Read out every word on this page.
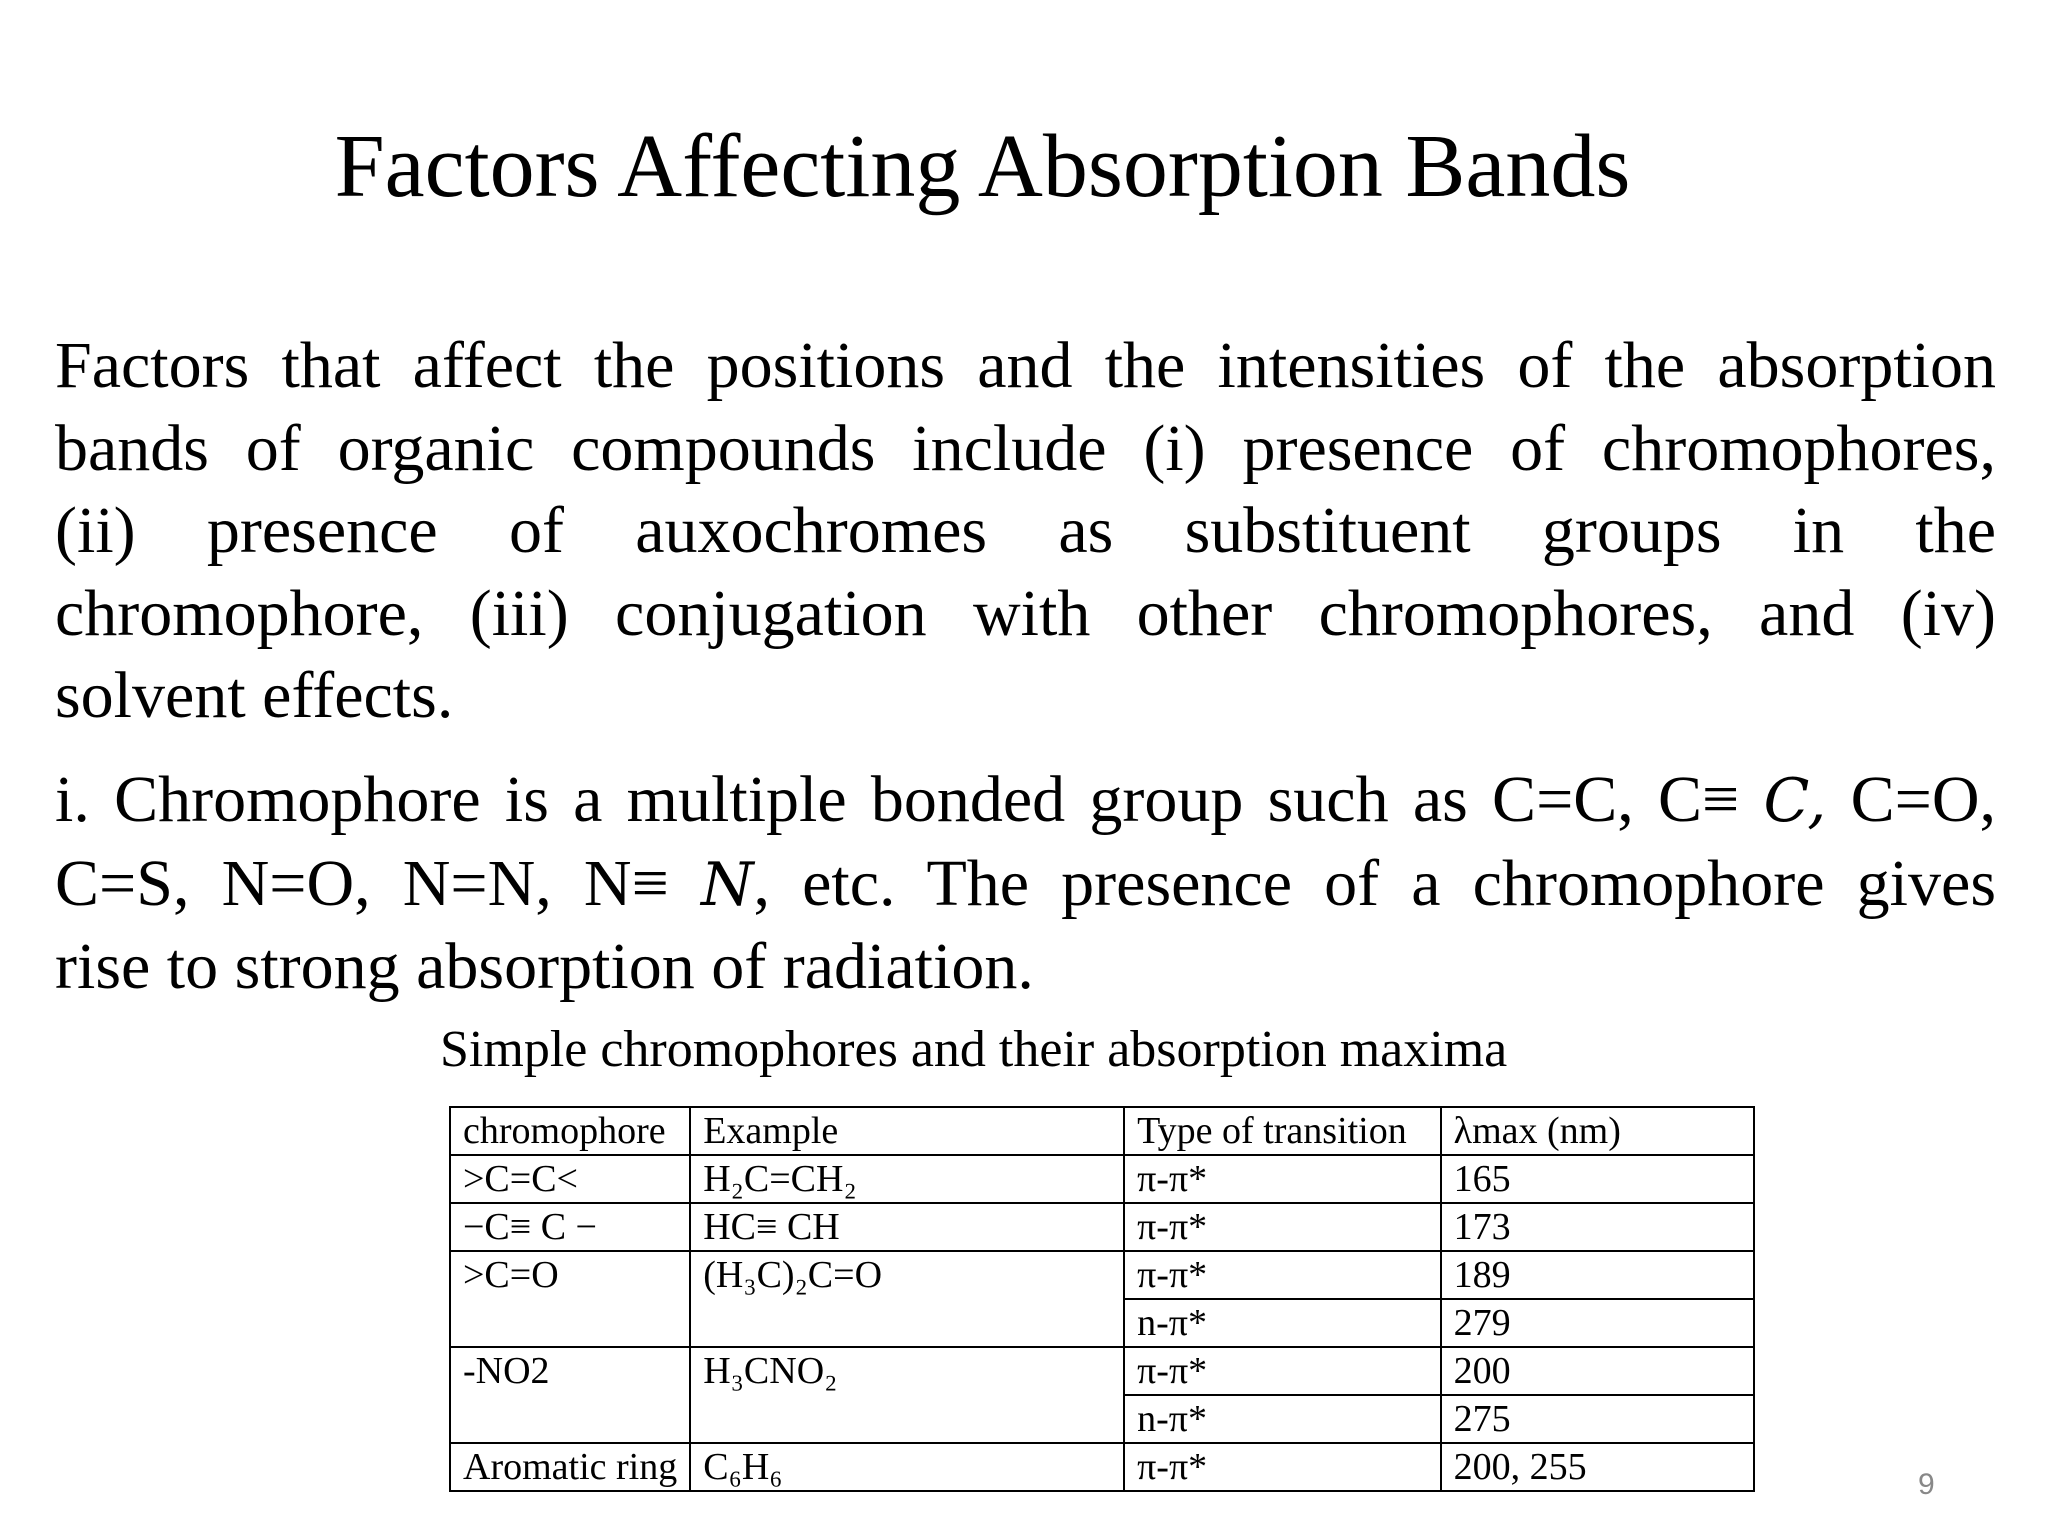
Factors Affecting Absorption Bands
Factors that affect the positions and the intensities of the absorption
bands of organic compounds include (i) presence of chromophores,
(ii) presence of auxochromes as substituent groups in the
chromophore, (iii) conjugation with other chromophores, and (iv)
solvent effects.
i. Chromophore is a multiple bonded group such as C=C, C≡ C, C=O,
C=S, N=O, N=N, N≡ N, etc. The presence of a chromophore gives
rise to strong absorption of radiation.
Simple chromophores and their absorption maxima
chromophore	Example	Type of transition	λmax (nm)
>C=C<	H₂C=CH₂	π-π*	165
−C≡ C −	HC≡ CH	π-π*	173
>C=O	(H₃C)₂C=O	π-π*	189
		n-π*	279
-NO2	H₃CNO₂	π-π*	200
		n-π*	275
Aromatic ring	C₆H₆	π-π*	200, 255	9
